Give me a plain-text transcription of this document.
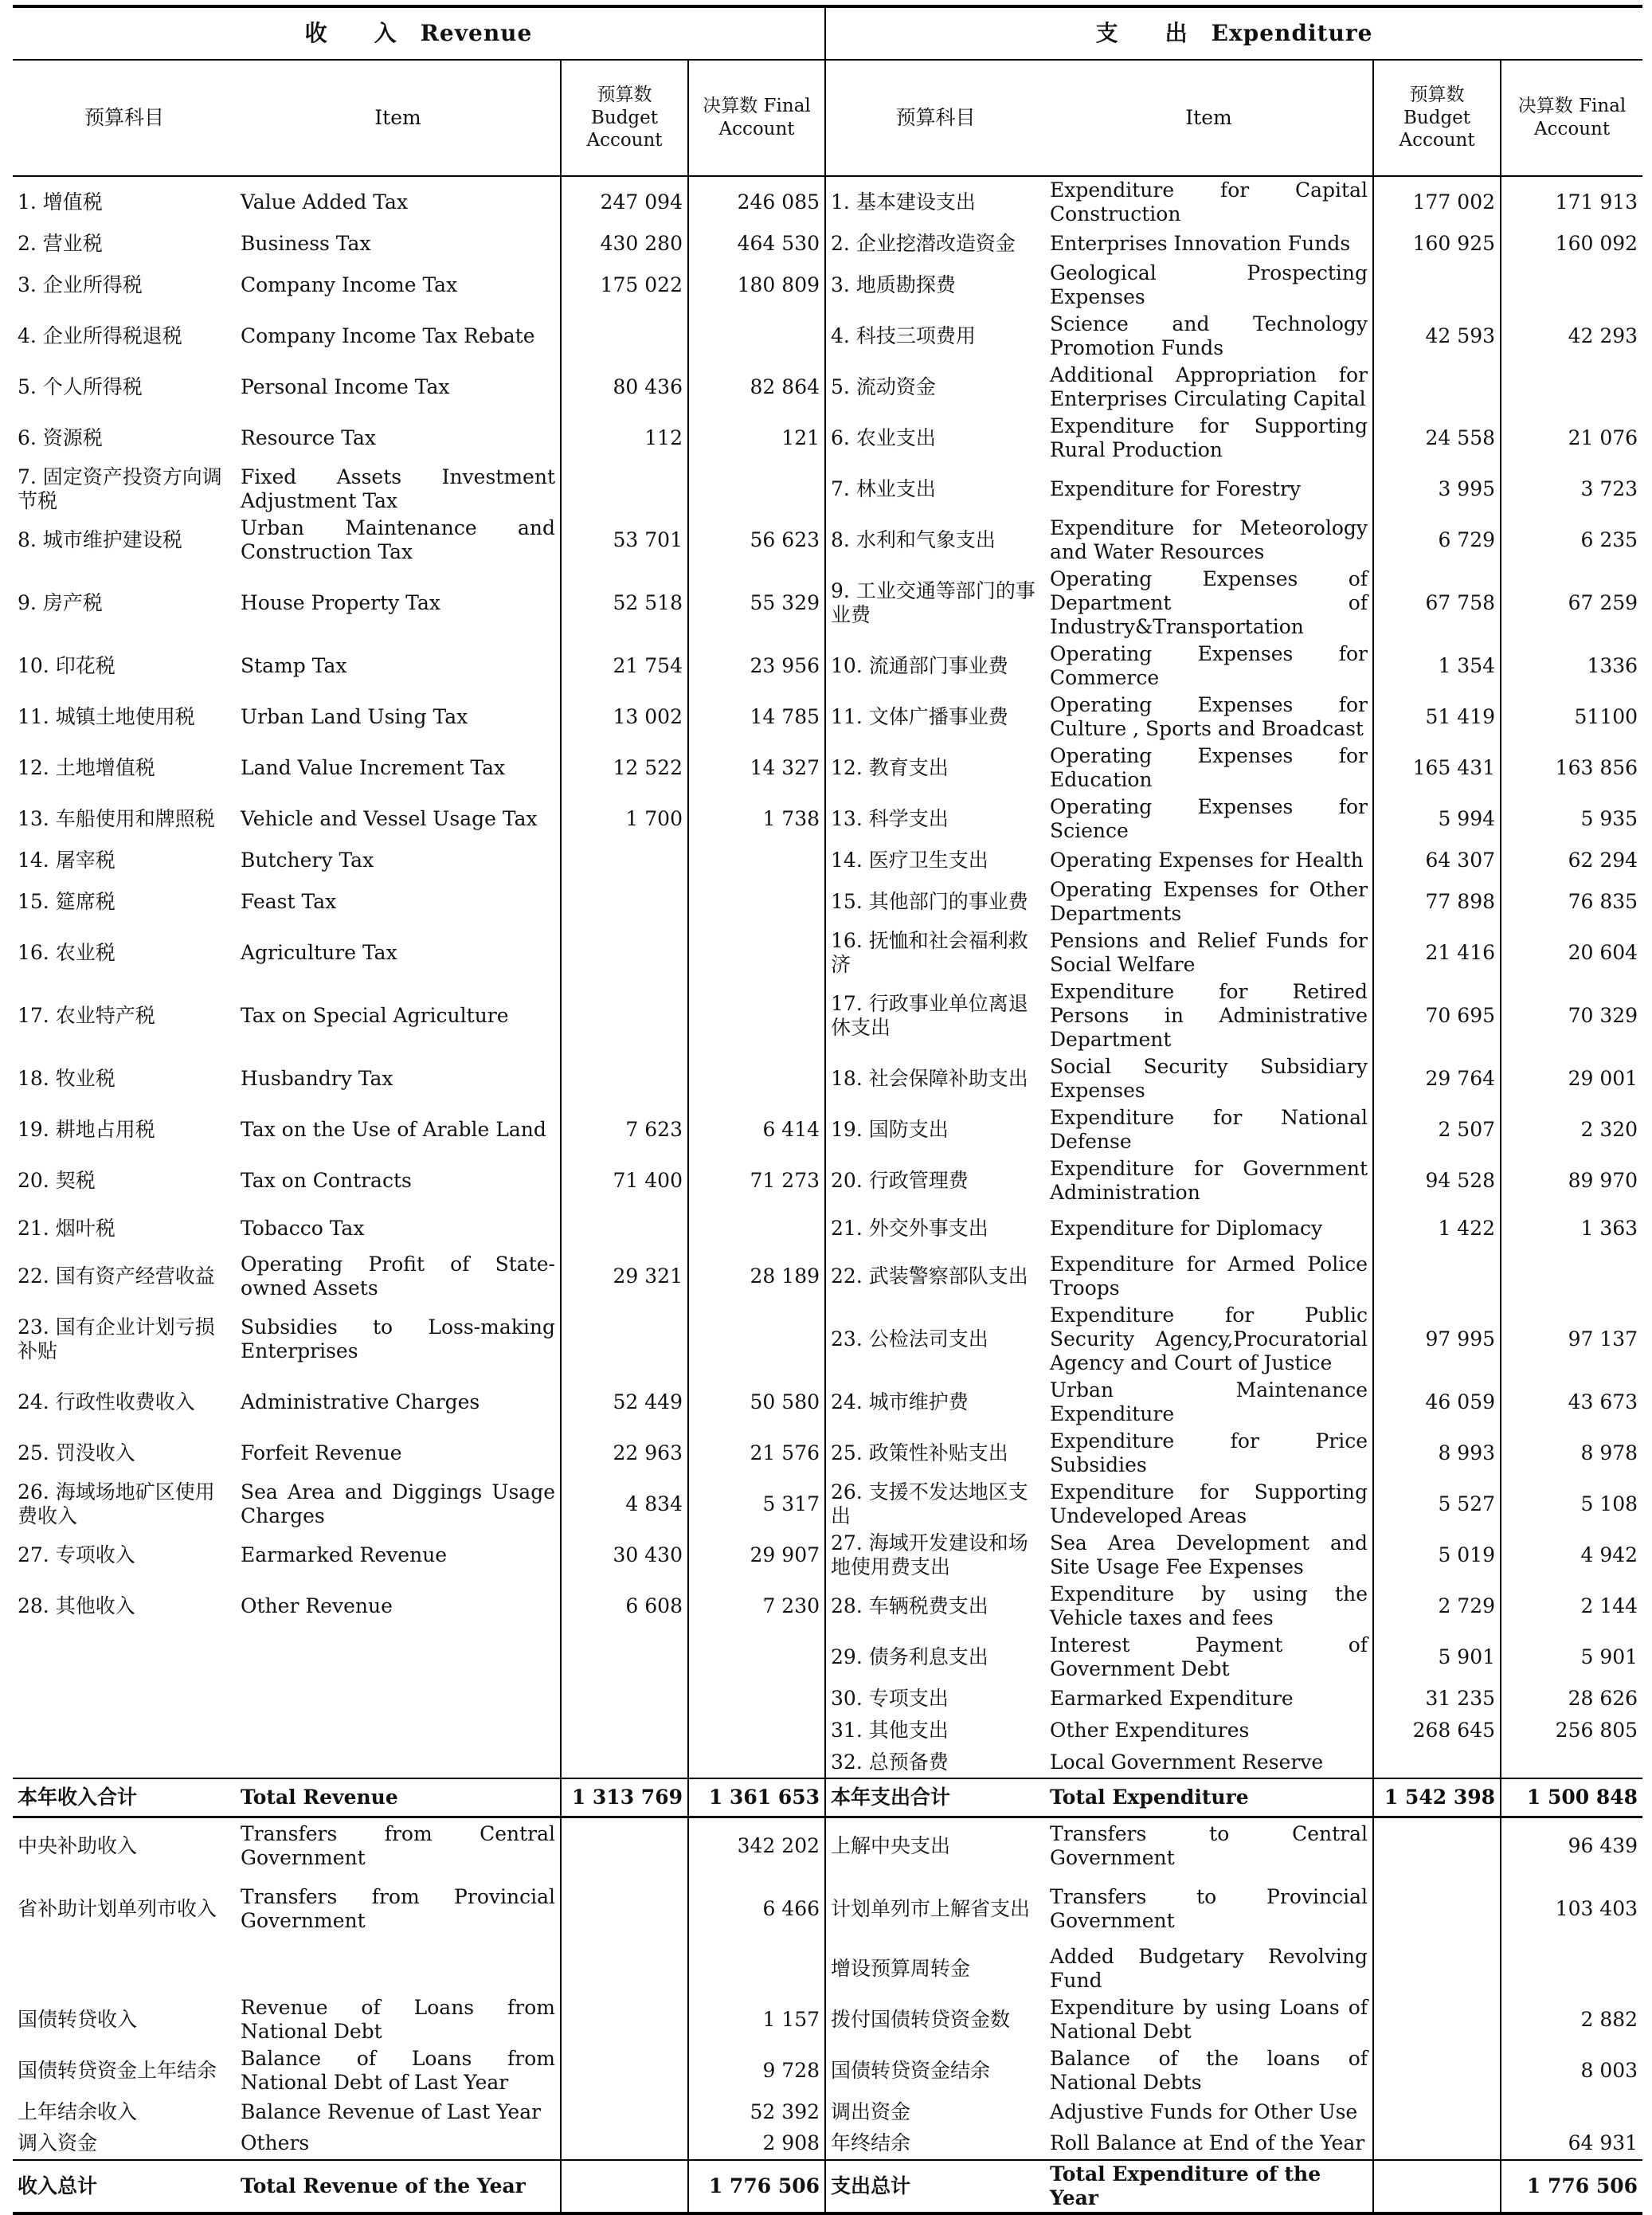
收　　入　Revenue				支　　出　Expenditure			
预算科目	Item	预算数 Budget Account	决算数 Final Account	预算科目	Item	预算数 Budget Account	决算数 Final Account
1. 增值税	Value Added Tax	247 094	246 085	1. 基本建设支出	Expenditure for Capital Construction	177 002	171 913
2. 营业税	Business Tax	430 280	464 530	2. 企业挖潜改造资金	Enterprises Innovation Funds	160 925	160 092
3. 企业所得税	Company Income Tax	175 022	180 809	3. 地质勘探费	Geological Prospecting Expenses		
4. 企业所得税退税	Company Income Tax Rebate			4. 科技三项费用	Science and Technology Promotion Funds	42 593	42 293
5. 个人所得税	Personal Income Tax	80 436	82 864	5. 流动资金	Additional Appropriation for Enterprises Circulating Capital		
6. 资源税	Resource Tax	112	121	6. 农业支出	Expenditure for Supporting Rural Production	24 558	21 076
7. 固定资产投资方向调节税	Fixed Assets Investment Adjustment Tax			7. 林业支出	Expenditure for Forestry	3 995	3 723
8. 城市维护建设税	Urban Maintenance and Construction Tax	53 701	56 623	8. 水利和气象支出	Expenditure for Meteorology and Water Resources	6 729	6 235
9. 房产税	House Property Tax	52 518	55 329	9. 工业交通等部门的事业费	Operating Expenses of Department of Industry&Transportation	67 758	67 259
10. 印花税	Stamp Tax	21 754	23 956	10. 流通部门事业费	Operating Expenses for Commerce	1 354	1336
11. 城镇土地使用税	Urban Land Using Tax	13 002	14 785	11. 文体广播事业费	Operating Expenses for Culture , Sports and Broadcast	51 419	51100
12. 土地增值税	Land Value Increment Tax	12 522	14 327	12. 教育支出	Operating Expenses for Education	165 431	163 856
13. 车船使用和牌照税	Vehicle and Vessel Usage Tax	1 700	1 738	13. 科学支出	Operating Expenses for Science	5 994	5 935
14. 屠宰税	Butchery Tax			14. 医疗卫生支出	Operating Expenses for Health	64 307	62 294
15. 筵席税	Feast Tax			15. 其他部门的事业费	Operating Expenses for Other Departments	77 898	76 835
16. 农业税	Agriculture Tax			16. 抚恤和社会福利救济	Pensions and Relief Funds for Social Welfare	21 416	20 604
17. 农业特产税	Tax on Special Agriculture			17. 行政事业单位离退休支出	Expenditure for Retired Persons in Administrative Department	70 695	70 329
18. 牧业税	Husbandry Tax			18. 社会保障补助支出	Social Security Subsidiary Expenses	29 764	29 001
19. 耕地占用税	Tax on the Use of Arable Land	7 623	6 414	19. 国防支出	Expenditure for National Defense	2 507	2 320
20. 契税	Tax on Contracts	71 400	71 273	20. 行政管理费	Expenditure for Government Administration	94 528	89 970
21. 烟叶税	Tobacco Tax			21. 外交外事支出	Expenditure for Diplomacy	1 422	1 363
22. 国有资产经营收益	Operating Profit of State-owned Assets	29 321	28 189	22. 武装警察部队支出	Expenditure for Armed Police Troops		
23. 国有企业计划亏损补贴	Subsidies to Loss-making Enterprises			23. 公检法司支出	Expenditure for Public Security Agency,Procuratorial Agency and Court of Justice	97 995	97 137
24. 行政性收费收入	Administrative Charges	52 449	50 580	24. 城市维护费	Urban Maintenance Expenditure	46 059	43 673
25. 罚没收入	Forfeit Revenue	22 963	21 576	25. 政策性补贴支出	Expenditure for Price Subsidies	8 993	8 978
26. 海域场地矿区使用费收入	Sea Area and Diggings Usage Charges	4 834	5 317	26. 支援不发达地区支出	Expenditure for Supporting Undeveloped Areas	5 527	5 108
27. 专项收入	Earmarked Revenue	30 430	29 907	27. 海域开发建设和场地使用费支出	Sea Area Development and Site Usage Fee Expenses	5 019	4 942
28. 其他收入	Other Revenue	6 608	7 230	28. 车辆税费支出	Expenditure by using the Vehicle taxes and fees	2 729	2 144
				29. 债务利息支出	Interest Payment of Government Debt	5 901	5 901
				30. 专项支出	Earmarked Expenditure	31 235	28 626
				31. 其他支出	Other Expenditures	268 645	256 805
				32. 总预备费	Local Government Reserve		
本年收入合计	Total Revenue	1 313 769	1 361 653	本年支出合计	Total Expenditure	1 542 398	1 500 848
中央补助收入	Transfers from Central Government		342 202	上解中央支出	Transfers to Central Government		96 439
省补助计划单列市收入	Transfers from Provincial Government		6 466	计划单列市上解省支出	Transfers to Provincial Government		103 403
				增设预算周转金	Added Budgetary Revolving Fund		
国债转贷收入	Revenue of Loans from National Debt		1 157	拨付国债转贷资金数	Expenditure by using Loans of National Debt		2 882
国债转贷资金上年结余	Balance of Loans from National Debt of Last Year		9 728	国债转贷资金结余	Balance of the loans of National Debts		8 003
上年结余收入	Balance Revenue of Last Year		52 392	调出资金	Adjustive Funds for Other Use		
调入资金	Others		2 908	年终结余	Roll Balance at End of the Year		64 931
收入总计	Total Revenue of the Year		1 776 506	支出总计	Total Expenditure of the Year		1 776 506
